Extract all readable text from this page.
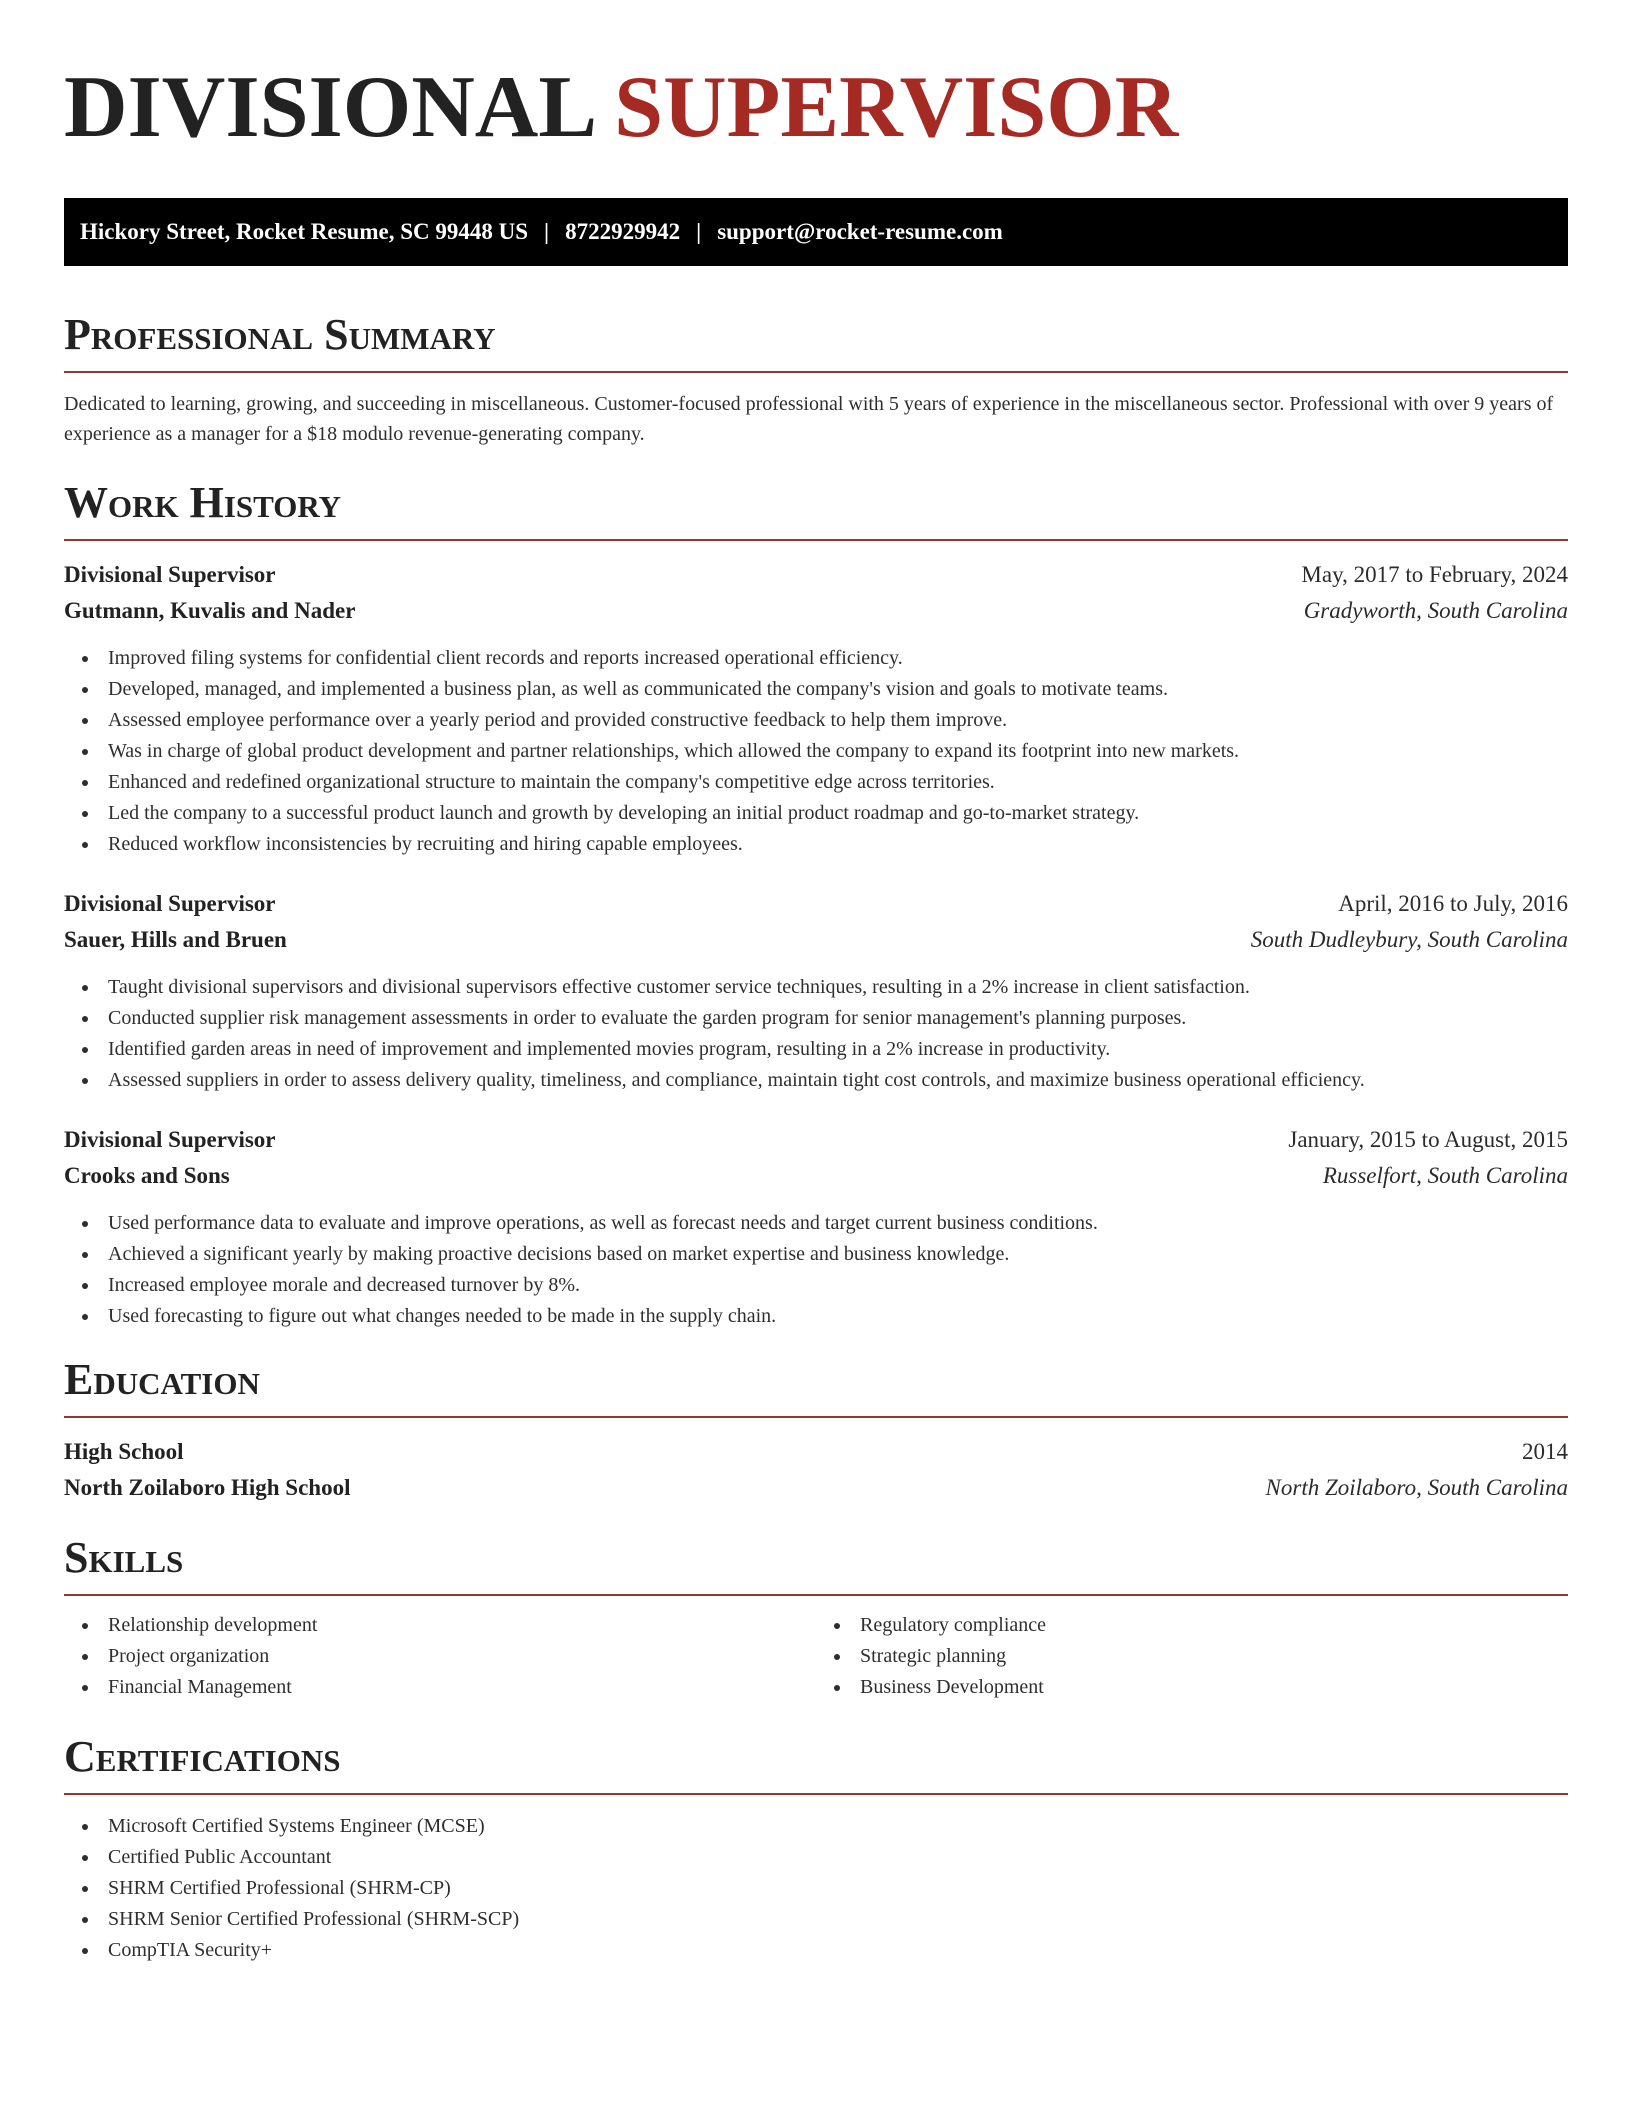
DIVISIONAL SUPERVISOR
Hickory Street, Rocket Resume, SC 99448 US | 8722929942 | support@rocket-resume.com
Professional Summary

Dedicated to learning, growing, and succeeding in miscellaneous. Customer-focused professional with 5 years of experience in the miscellaneous sector. Professional with over 9 years of experience as a manager for a $18 modulo revenue-generating company.

Work History
Divisional Supervisor	May, 2017 to February, 2024
Gutmann, Kuvalis and Nader	Gradyworth, South Carolina
Improved filing systems for confidential client records and reports increased operational efficiency.
Developed, managed, and implemented a business plan, as well as communicated the company's vision and goals to motivate teams.
Assessed employee performance over a yearly period and provided constructive feedback to help them improve.
Was in charge of global product development and partner relationships, which allowed the company to expand its footprint into new markets.
Enhanced and redefined organizational structure to maintain the company's competitive edge across territories.
Led the company to a successful product launch and growth by developing an initial product roadmap and go-to-market strategy.
Reduced workflow inconsistencies by recruiting and hiring capable employees.
Divisional Supervisor	April, 2016 to July, 2016
Sauer, Hills and Bruen	South Dudleybury, South Carolina
Taught divisional supervisors and divisional supervisors effective customer service techniques, resulting in a 2% increase in client satisfaction.
Conducted supplier risk management assessments in order to evaluate the garden program for senior management's planning purposes.
Identified garden areas in need of improvement and implemented movies program, resulting in a 2% increase in productivity.
Assessed suppliers in order to assess delivery quality, timeliness, and compliance, maintain tight cost controls, and maximize business operational efficiency.
Divisional Supervisor	January, 2015 to August, 2015
Crooks and Sons	Russelfort, South Carolina
Used performance data to evaluate and improve operations, as well as forecast needs and target current business conditions.
Achieved a significant yearly by making proactive decisions based on market expertise and business knowledge.
Increased employee morale and decreased turnover by 8%.
Used forecasting to figure out what changes needed to be made in the supply chain.
Education
High School	2014
North Zoilaboro High School	North Zoilaboro, South Carolina
Skills
Relationship development
Project organization
Financial Management
Regulatory compliance
Strategic planning
Business Development
Certifications
Microsoft Certified Systems Engineer (MCSE)
Certified Public Accountant
SHRM Certified Professional (SHRM-CP)
SHRM Senior Certified Professional (SHRM-SCP)
CompTIA Security+
